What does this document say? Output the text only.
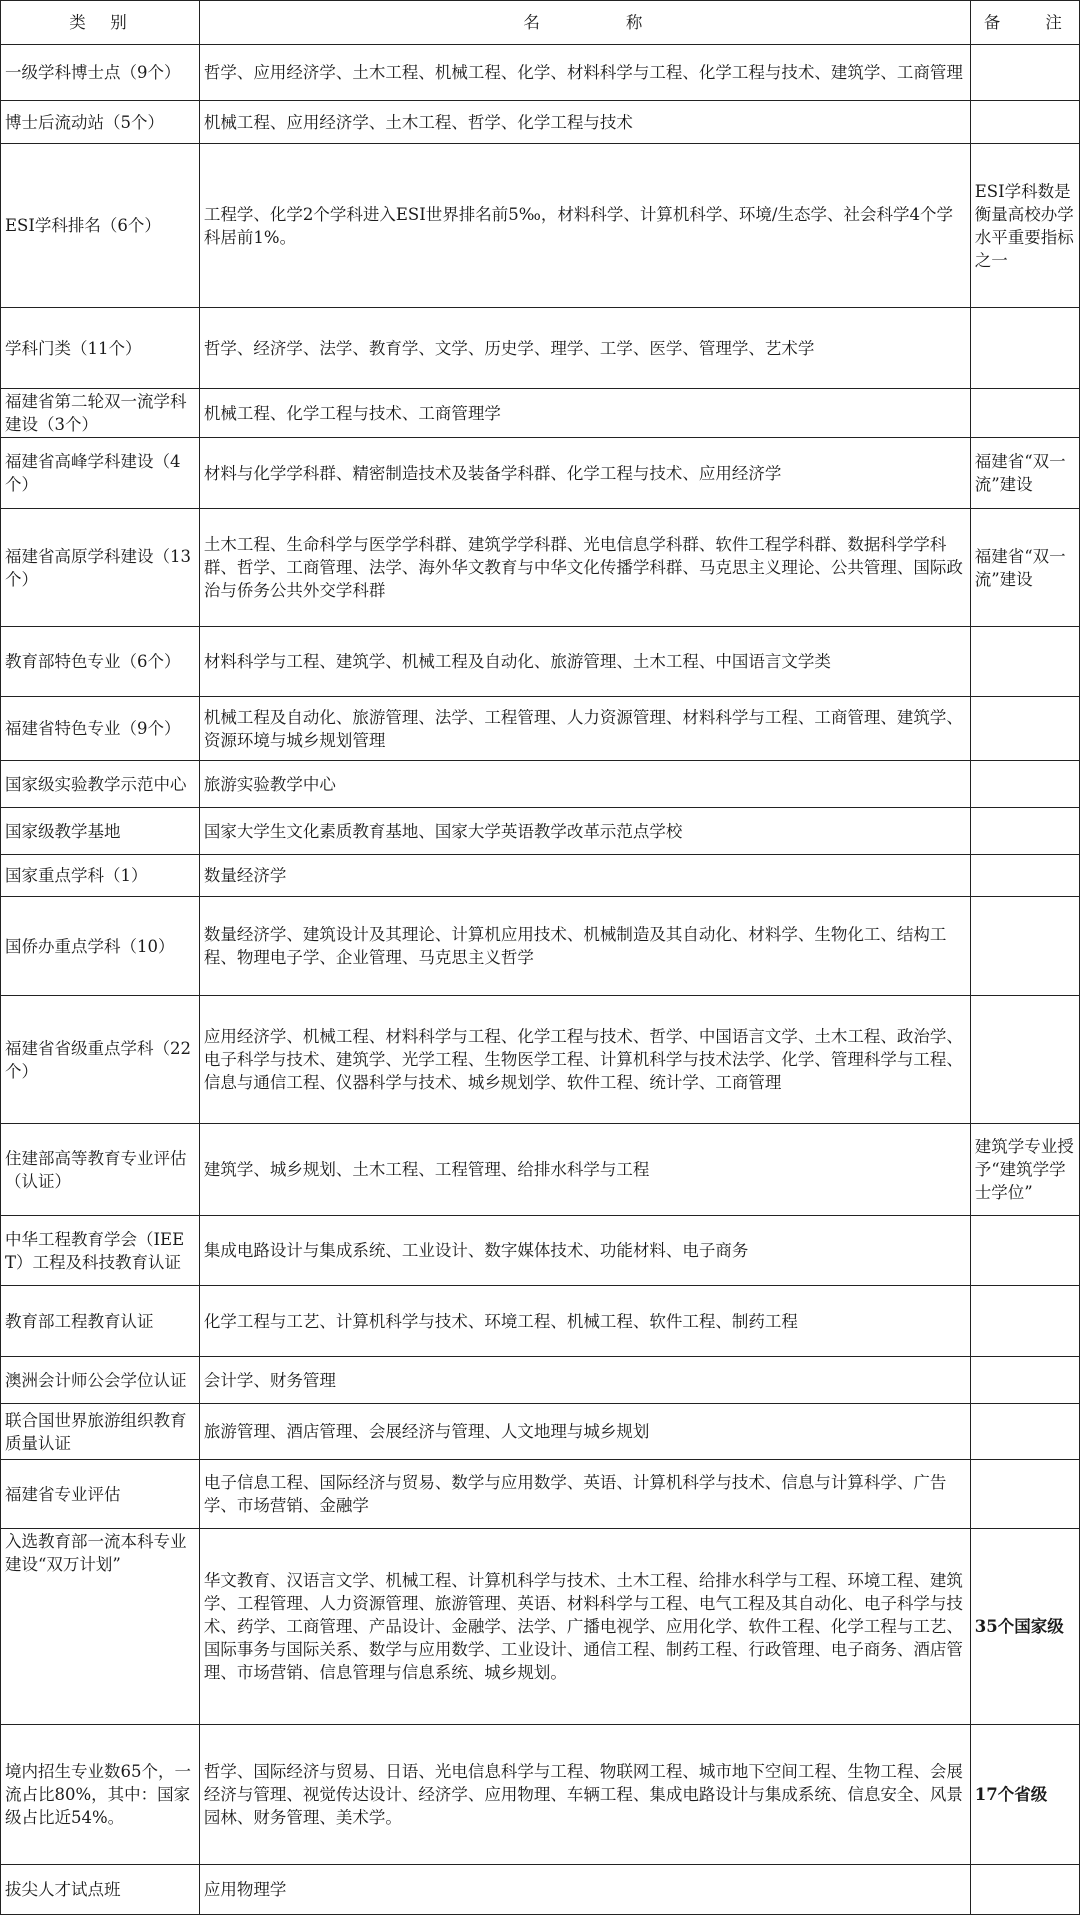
类　别	名　　　　称	备　　注
一级学科博士点（9个）	哲学、应用经济学、土木工程、机械工程、化学、材料科学与工程、化学工程与技术、建筑学、工商管理	
博士后流动站（5个）	机械工程、应用经济学、土木工程、哲学、化学工程与技术	
ESI学科排名（6个）	工程学、化学2个学科进入ESI世界排名前5‰，材料科学、计算机科学、环境/生态学、社会科学4个学科居前1%。	ESI学科数是衡量高校办学水平重要指标之一
学科门类（11个）	哲学、经济学、法学、教育学、文学、历史学、理学、工学、医学、管理学、艺术学	
福建省第二轮双一流学科建设（3个）	机械工程、化学工程与技术、工商管理学	
福建省高峰学科建设（4个）	材料与化学学科群、精密制造技术及装备学科群、化学工程与技术、应用经济学	福建省“双一流”建设
福建省高原学科建设（13个）	土木工程、生命科学与医学学科群、建筑学学科群、光电信息学科群、软件工程学科群、数据科学学科群、哲学、工商管理、法学、海外华文教育与中华文化传播学科群、马克思主义理论、公共管理、国际政治与侨务公共外交学科群	福建省“双一流”建设
教育部特色专业（6个）	材料科学与工程、建筑学、机械工程及自动化、旅游管理、土木工程、中国语言文学类	
福建省特色专业（9个）	机械工程及自动化、旅游管理、法学、工程管理、人力资源管理、材料科学与工程、工商管理、建筑学、资源环境与城乡规划管理	
国家级实验教学示范中心	旅游实验教学中心	
国家级教学基地	国家大学生文化素质教育基地、国家大学英语教学改革示范点学校	
国家重点学科（1）	数量经济学	
国侨办重点学科（10）	数量经济学、建筑设计及其理论、计算机应用技术、机械制造及其自动化、材料学、生物化工、结构工程、物理电子学、企业管理、马克思主义哲学	
福建省省级重点学科（22个）	应用经济学、机械工程、材料科学与工程、化学工程与技术、哲学、中国语言文学、土木工程、政治学、电子科学与技术、建筑学、光学工程、生物医学工程、计算机科学与技术法学、化学、管理科学与工程、信息与通信工程、仪器科学与技术、城乡规划学、软件工程、统计学、工商管理	
住建部高等教育专业评估（认证）	建筑学、城乡规划、土木工程、工程管理、给排水科学与工程	建筑学专业授予“建筑学学士学位”
中华工程教育学会（IEET）工程及科技教育认证	集成电路设计与集成系统、工业设计、数字媒体技术、功能材料、电子商务	
教育部工程教育认证	化学工程与工艺、计算机科学与技术、环境工程、机械工程、软件工程、制药工程	
澳洲会计师公会学位认证	会计学、财务管理	
联合国世界旅游组织教育质量认证	旅游管理、酒店管理、会展经济与管理、人文地理与城乡规划	
福建省专业评估	电子信息工程、国际经济与贸易、数学与应用数学、英语、计算机科学与技术、信息与计算科学、广告学、市场营销、金融学	
入选教育部一流本科专业建设“双万计划”	华文教育、汉语言文学、机械工程、计算机科学与技术、土木工程、给排水科学与工程、环境工程、建筑学、工程管理、人力资源管理、旅游管理、英语、材料科学与工程、电气工程及其自动化、电子科学与技术、药学、工商管理、产品设计、金融学、法学、广播电视学、应用化学、软件工程、化学工程与工艺、国际事务与国际关系、数学与应用数学、工业设计、通信工程、制药工程、行政管理、电子商务、酒店管理、市场营销、信息管理与信息系统、城乡规划。	35个国家级
境内招生专业数65个，一流占比80%，其中：国家级占比近54%。	哲学、国际经济与贸易、日语、光电信息科学与工程、物联网工程、城市地下空间工程、生物工程、会展经济与管理、视觉传达设计、经济学、应用物理、车辆工程、集成电路设计与集成系统、信息安全、风景园林、财务管理、美术学。	17个省级
拔尖人才试点班	应用物理学	
